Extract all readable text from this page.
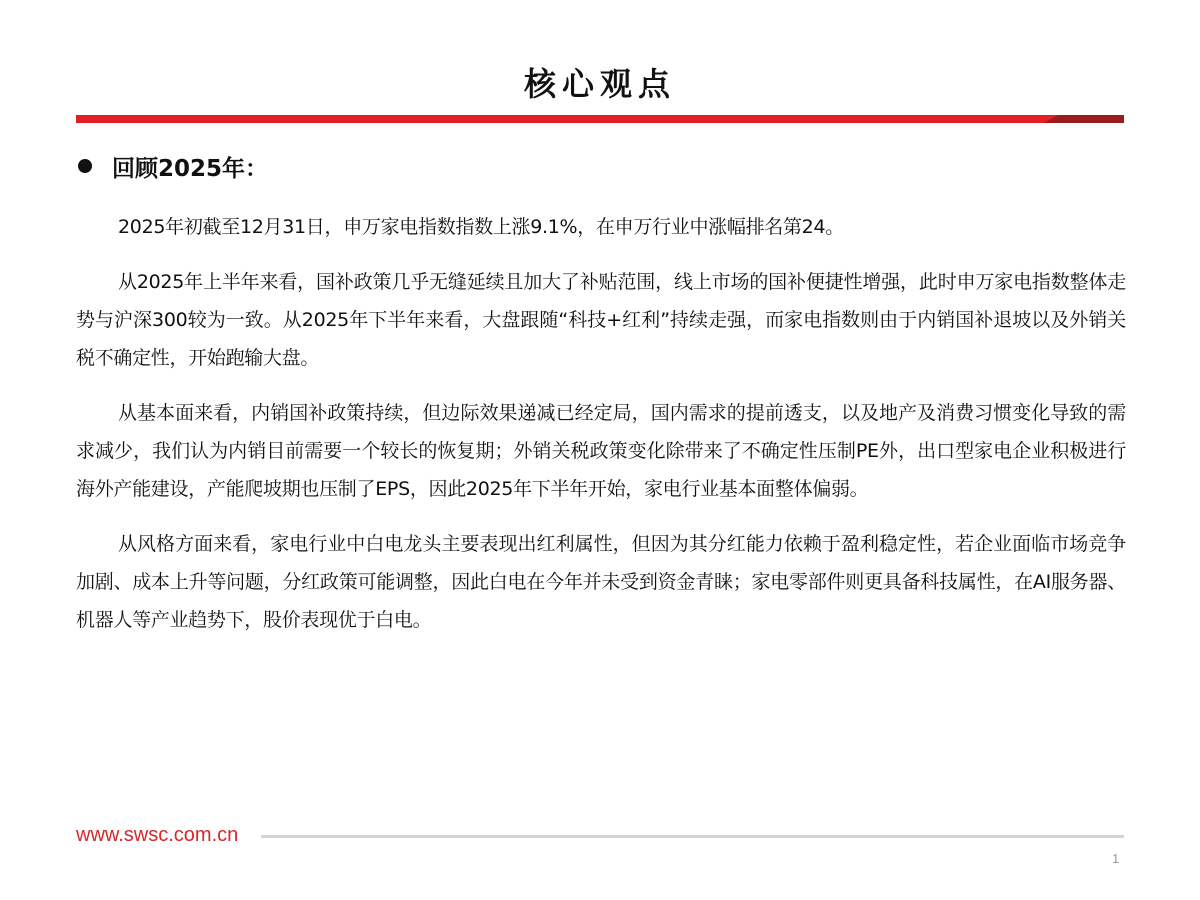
核心观点
回顾2025年：

2025年初截至12月31日，申万家电指数指数上涨9.1%，在申万行业中涨幅排名第24。

从2025年上半年来看，国补政策几乎无缝延续且加大了补贴范围，线上市场的国补便捷性增强，此时申万家电指数整体走势与沪深300较为一致。从2025年下半年来看，大盘跟随“科技+红利”持续走强，而家电指数则由于内销国补退坡以及外销关税不确定性，开始跑输大盘。

从基本面来看，内销国补政策持续，但边际效果递减已经定局，国内需求的提前透支，以及地产及消费习惯变化导致的需求减少，我们认为内销目前需要一个较长的恢复期；外销关税政策变化除带来了不确定性压制PE外，出口型家电企业积极进行海外产能建设，产能爬坡期也压制了EPS，因此2025年下半年开始，家电行业基本面整体偏弱。

从风格方面来看，家电行业中白电龙头主要表现出红利属性，但因为其分红能力依赖于盈利稳定性，若企业面临市场竞争加剧、成本上升等问题，分红政策可能调整，因此白电在今年并未受到资金青睐；家电零部件则更具备科技属性，在AI服务器、机器人等产业趋势下，股价表现优于白电。

www.swsc.com.cn
1
